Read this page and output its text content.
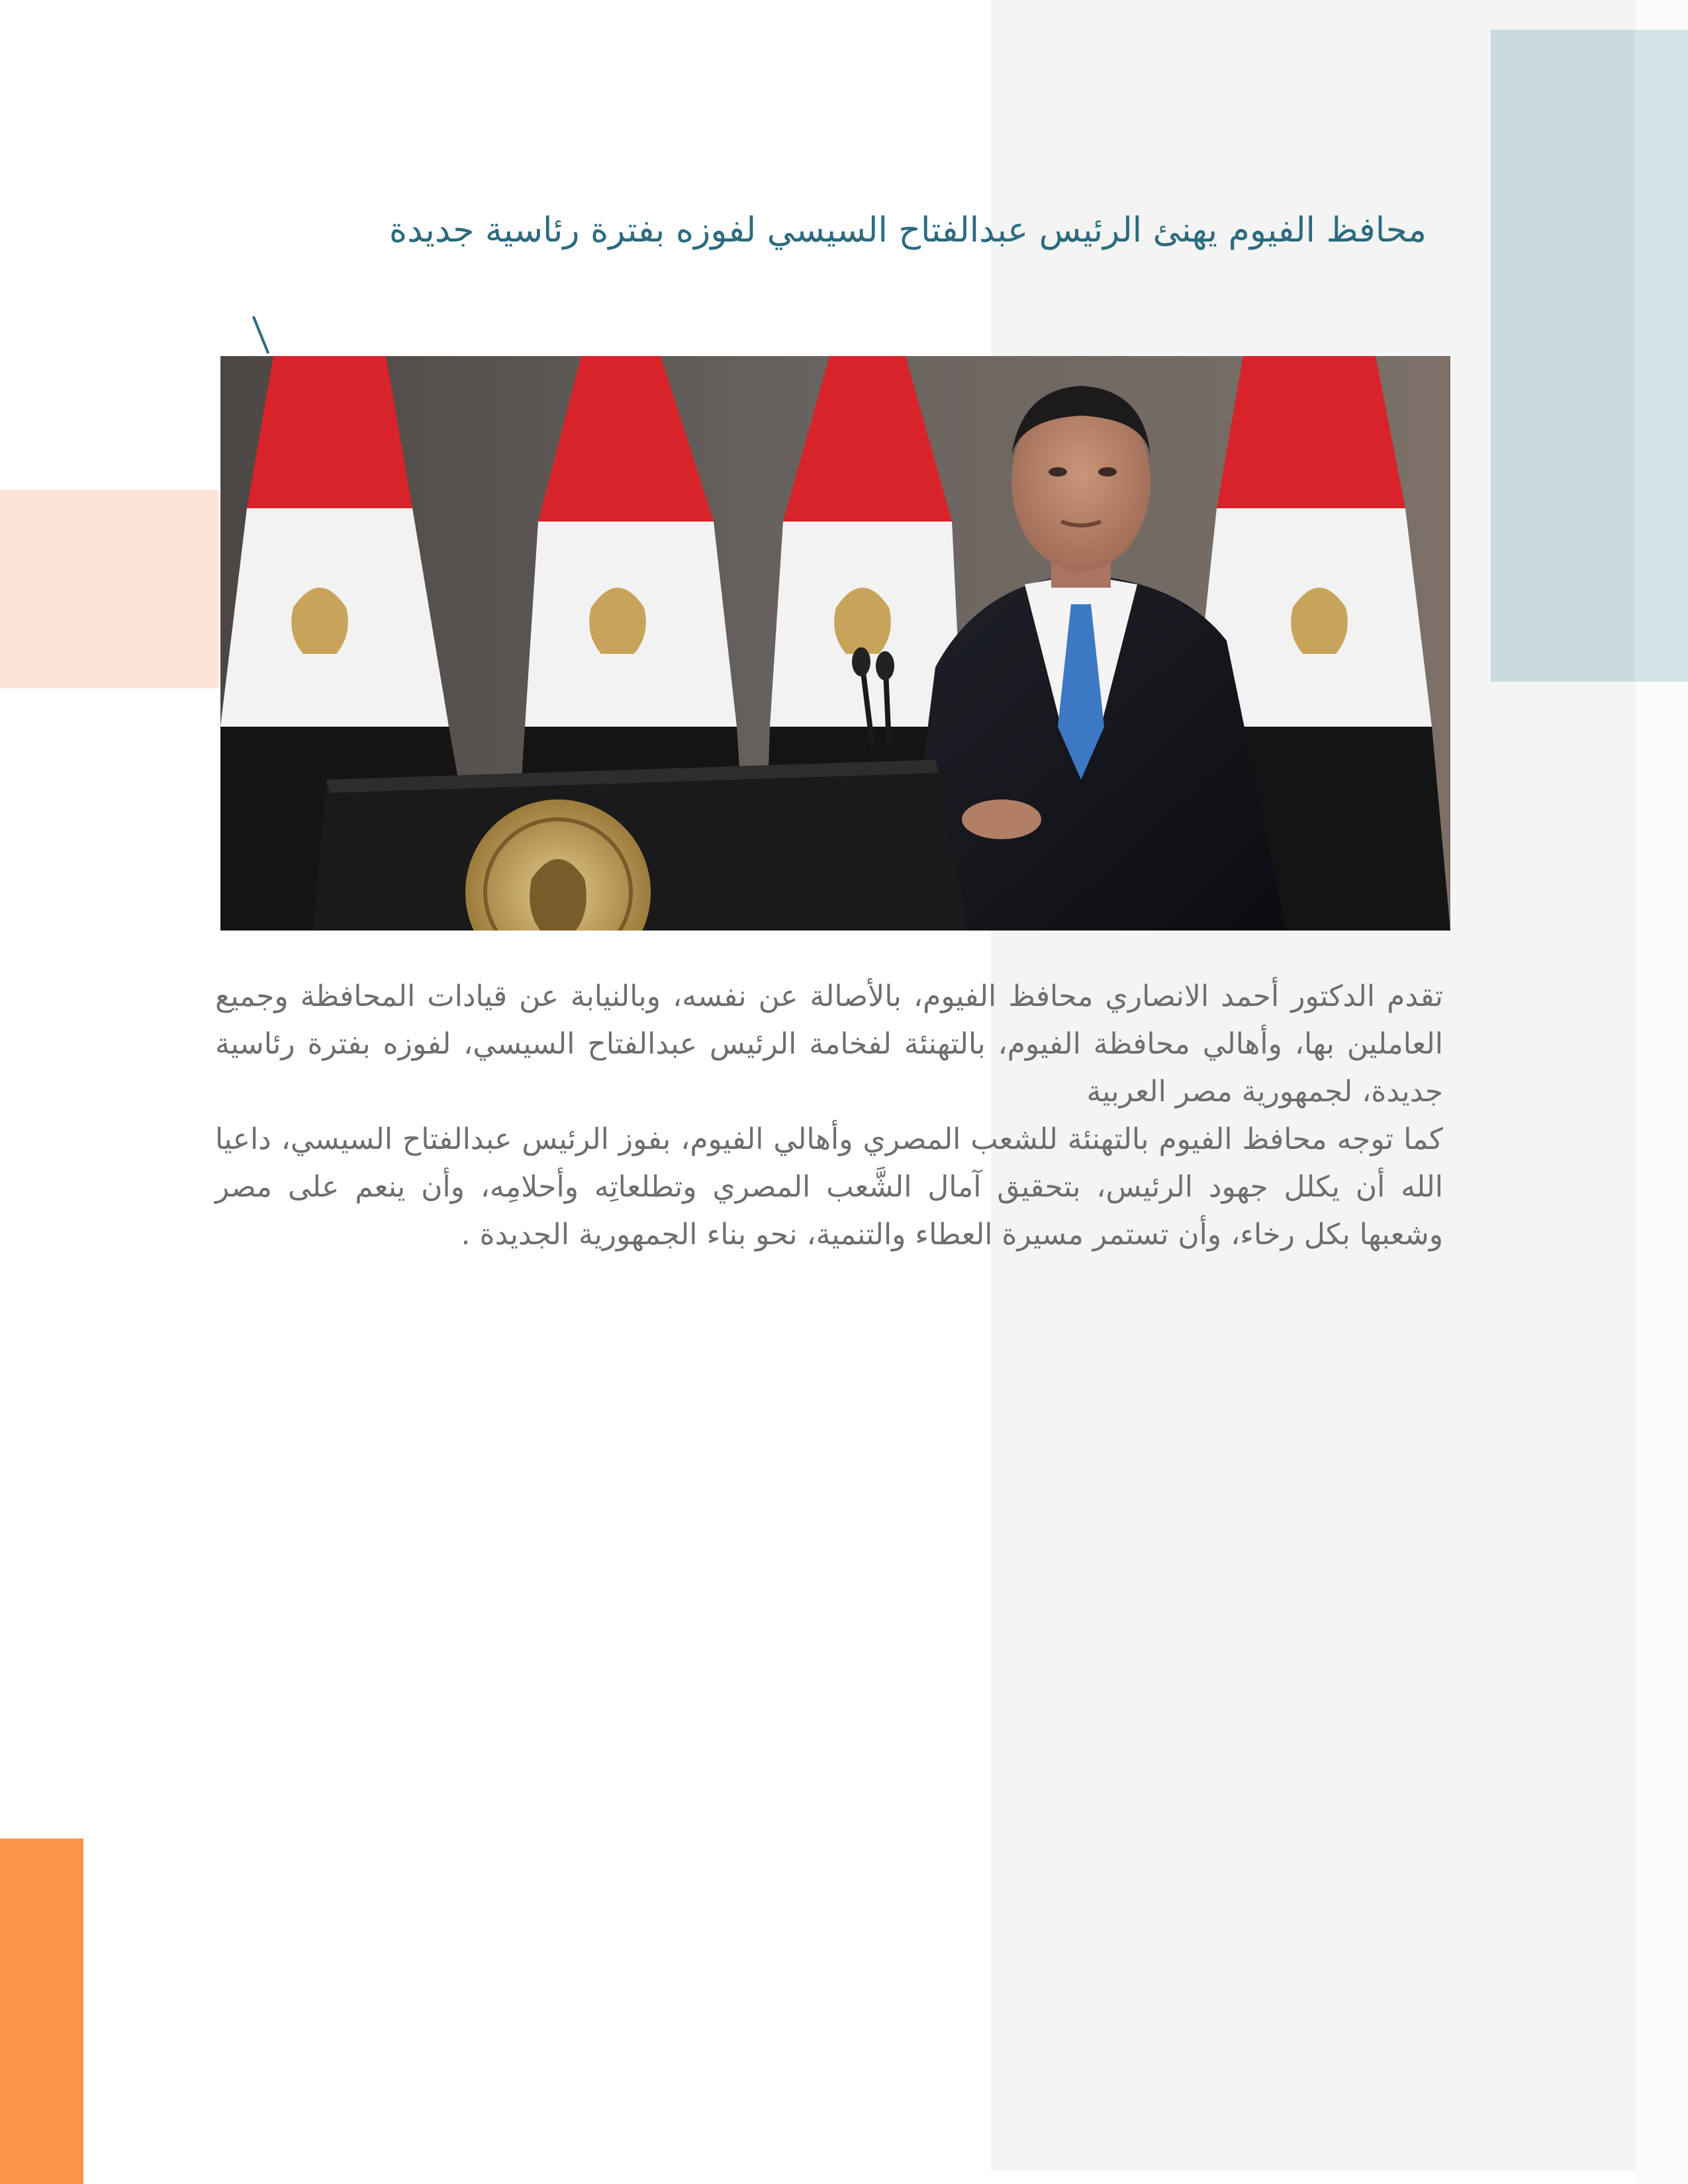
محافظ الفيوم يهنئ الرئيس عبدالفتاح السيسي لفوزه بفترة رئاسية جديدة

تقدم الدكتور أحمد الانصاري محافظ الفيوم، بالأصالة عن نفسه، وبالنيابة عن قيادات المحافظة وجميع العاملين بها، وأهالي محافظة الفيوم، بالتهنئة لفخامة الرئيس عبدالفتاح السيسي، لفوزه بفترة رئاسية جديدة، لجمهورية مصر العربية

كما توجه محافظ الفيوم بالتهنئة للشعب المصري وأهالي الفيوم، بفوز الرئيس عبدالفتاح السيسي، داعيا الله أن يكلل جهود الرئيس، بتحقيق آمال الشَّعب المصري وتطلعاتِه وأحلامِه، وأن ينعم على مصر وشعبها بكل رخاء، وأن تستمر مسيرة العطاء والتنمية، نحو بناء الجمهورية الجديدة .
